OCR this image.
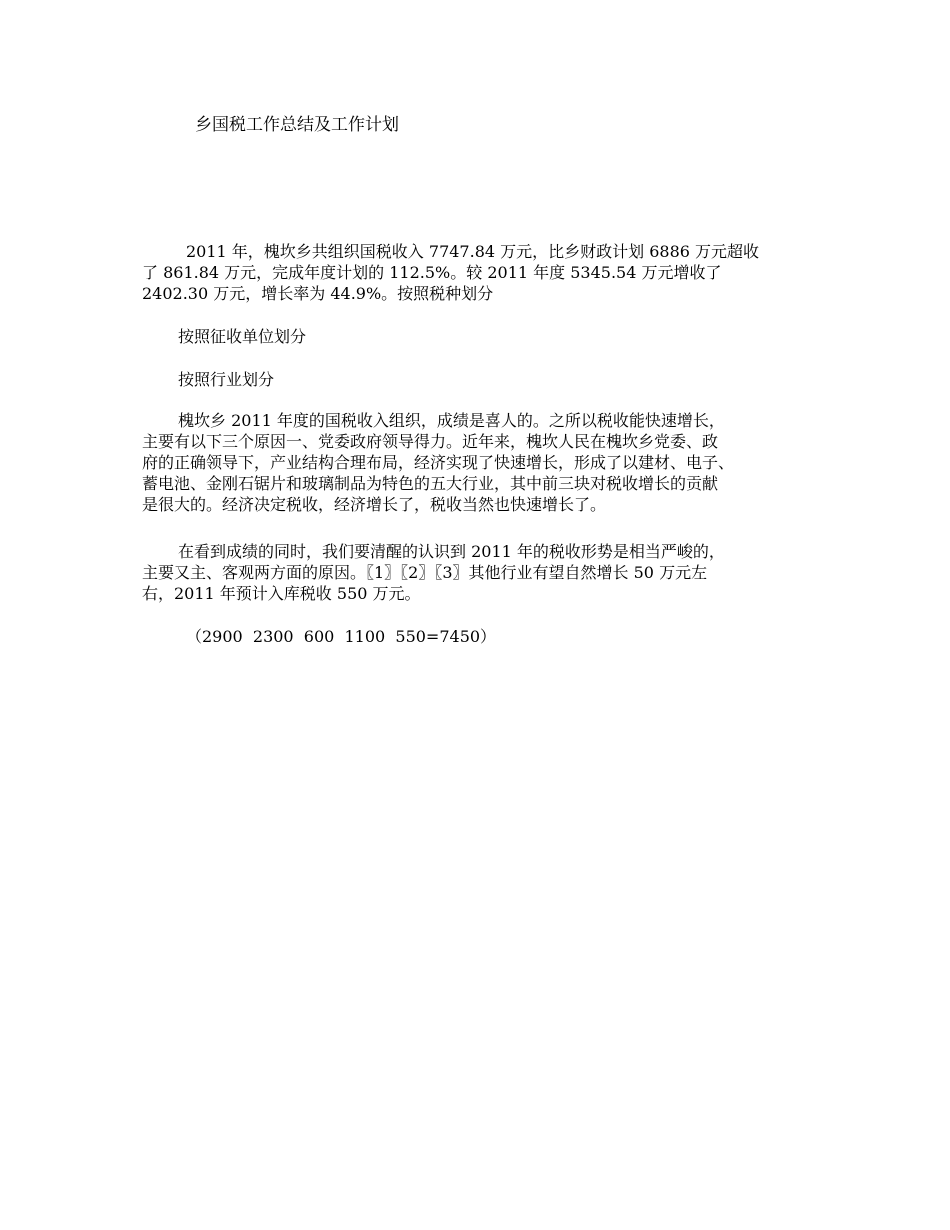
乡国税工作总结及工作计划
2011 年，槐坎乡共组织国税收入 7747.84 万元，比乡财政计划 6886 万元超收
了 861.84 万元，完成年度计划的 112.5%。较 2011 年度 5345.54 万元增收了
2402.30 万元，增长率为 44.9%。按照税种划分
按照征收单位划分
按照行业划分
槐坎乡 2011 年度的国税收入组织，成绩是喜人的。之所以税收能快速增长，
主要有以下三个原因一、党委政府领导得力。近年来，槐坎人民在槐坎乡党委、政
府的正确领导下，产业结构合理布局，经济实现了快速增长，形成了以建材、电子、
蓄电池、金刚石锯片和玻璃制品为特色的五大行业，其中前三块对税收增长的贡献
是很大的。经济决定税收，经济增长了，税收当然也快速增长了。
在看到成绩的同时，我们要清醒的认识到 2011 年的税收形势是相当严峻的，
主要又主、客观两方面的原因。〖1〗〖2〗〖3〗其他行业有望自然增长 50 万元左
右，2011 年预计入库税收 550 万元。
（2900  2300  600  1100  550=7450）
